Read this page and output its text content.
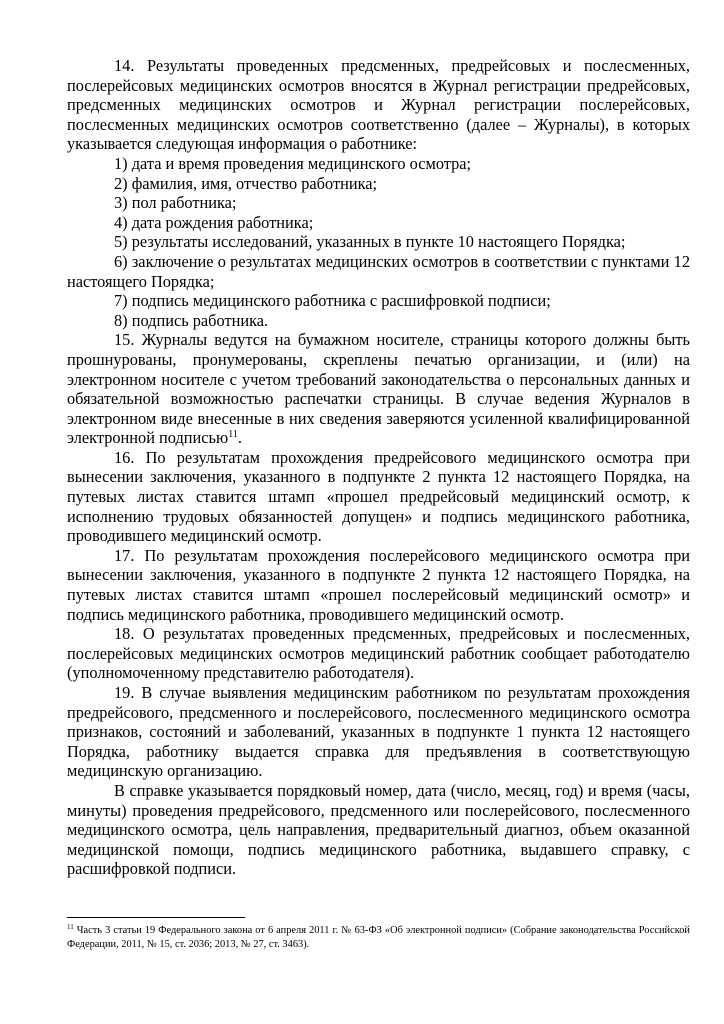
14. Результаты проведенных предсменных, предрейсовых и послесменных, послерейсовых медицинских осмотров вносятся в Журнал регистрации предрейсовых, предсменных медицинских осмотров и Журнал регистрации послерейсовых, послесменных медицинских осмотров соответственно (далее – Журналы), в которых указывается следующая информация о работнике:

1) дата и время проведения медицинского осмотра;

2) фамилия, имя, отчество работника;

3) пол работника;

4) дата рождения работника;

5) результаты исследований, указанных в пункте 10 настоящего Порядка;

6) заключение о результатах медицинских осмотров в соответствии с пунктами 12 настоящего Порядка;

7) подпись медицинского работника с расшифровкой подписи;

8) подпись работника.

15. Журналы ведутся на бумажном носителе, страницы которого должны быть прошнурованы, пронумерованы, скреплены печатью организации, и (или) на электронном носителе с учетом требований законодательства о персональных данных и обязательной возможностью распечатки страницы. В случае ведения Журналов в электронном виде внесенные в них сведения заверяются усиленной квалифицированной электронной подписью$^{11}$.

16. По результатам прохождения предрейсового медицинского осмотра при вынесении заключения, указанного в подпункте 2 пункта 12 настоящего Порядка, на путевых листах ставится штамп «прошел предрейсовый медицинский осмотр, к исполнению трудовых обязанностей допущен» и подпись медицинского работника, проводившего медицинский осмотр.

17. По результатам прохождения послерейсового медицинского осмотра при вынесении заключения, указанного в подпункте 2 пункта 12 настоящего Порядка, на путевых листах ставится штамп «прошел послерейсовый медицинский осмотр» и подпись медицинского работника, проводившего медицинский осмотр.

18. О результатах проведенных предсменных, предрейсовых и послесменных, послерейсовых медицинских осмотров медицинский работник сообщает работодателю (уполномоченному представителю работодателя).

19. В случае выявления медицинским работником по результатам прохождения предрейсового, предсменного и послерейсового, послесменного медицинского осмотра признаков, состояний и заболеваний, указанных в подпункте 1 пункта 12 настоящего Порядка, работнику выдается справка для предъявления в соответствующую медицинскую организацию.

В справке указывается порядковый номер, дата (число, месяц, год) и время (часы, минуты) проведения предрейсового, предсменного или послерейсового, послесменного медицинского осмотра, цель направления, предварительный диагноз, объем оказанной медицинской помощи, подпись медицинского работника, выдавшего справку, с расшифровкой подписи.

$^{11}$ Часть 3 статьи 19 Федерального закона от 6 апреля 2011 г. № 63-ФЗ «Об электронной подписи» (Собрание законодательства Российской Федерации, 2011, № 15, ст. 2036; 2013, № 27, ст. 3463).
